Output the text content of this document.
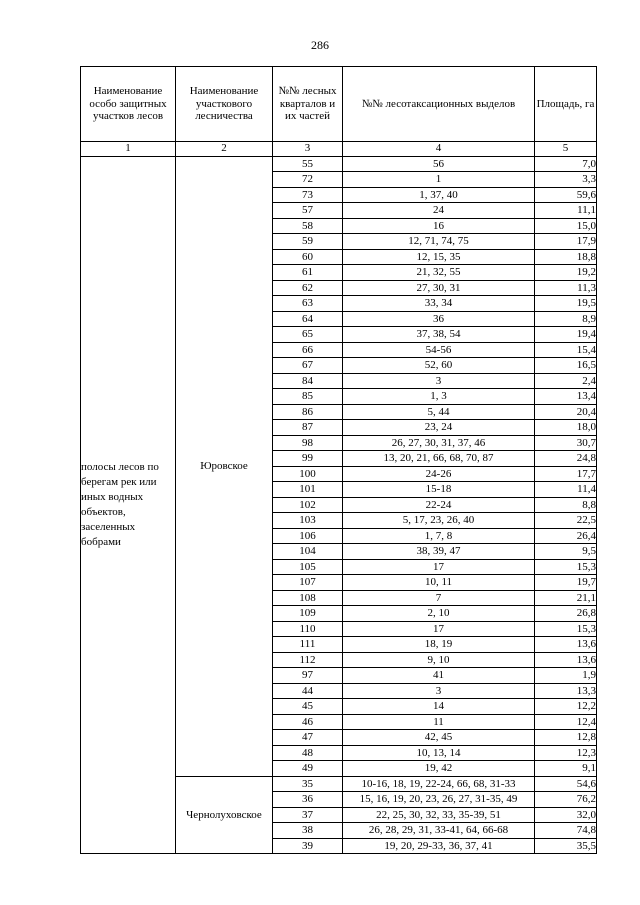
286
Наименование особо защитных участков лесов	Наименование участкового лесничества	№№ лесных кварталов и их частей	№№ лесотаксационных выделов	Площадь, га
1	2	3	4	5
полосы лесов по берегам рек или иных водных объектов, заселенных бобрами	Юровское	55	56	7,0
		72	1	3,3
		73	1, 37, 40	59,6
		57	24	11,1
		58	16	15,0
		59	12, 71, 74, 75	17,9
		60	12, 15, 35	18,8
		61	21, 32, 55	19,2
		62	27, 30, 31	11,3
		63	33, 34	19,5
		64	36	8,9
		65	37, 38, 54	19,4
		66	54-56	15,4
		67	52, 60	16,5
		84	3	2,4
		85	1, 3	13,4
		86	5, 44	20,4
		87	23, 24	18,0
		98	26, 27, 30, 31, 37, 46	30,7
		99	13, 20, 21, 66, 68, 70, 87	24,8
		100	24-26	17,7
		101	15-18	11,4
		102	22-24	8,8
		103	5, 17, 23, 26, 40	22,5
		106	1, 7, 8	26,4
		104	38, 39, 47	9,5
		105	17	15,3
		107	10, 11	19,7
		108	7	21,1
		109	2, 10	26,8
		110	17	15,3
		111	18, 19	13,6
		112	9, 10	13,6
		97	41	1,9
		44	3	13,3
		45	14	12,2
		46	11	12,4
		47	42, 45	12,8
		48	10, 13, 14	12,3
		49	19, 42	9,1
	Чернолуховское	35	10-16, 18, 19, 22-24, 66, 68, 31-33	54,6
		36	15, 16, 19, 20, 23, 26, 27, 31-35, 49	76,2
		37	22, 25, 30, 32, 33, 35-39, 51	32,0
		38	26, 28, 29, 31, 33-41, 64, 66-68	74,8
		39	19, 20, 29-33, 36, 37, 41	35,5
